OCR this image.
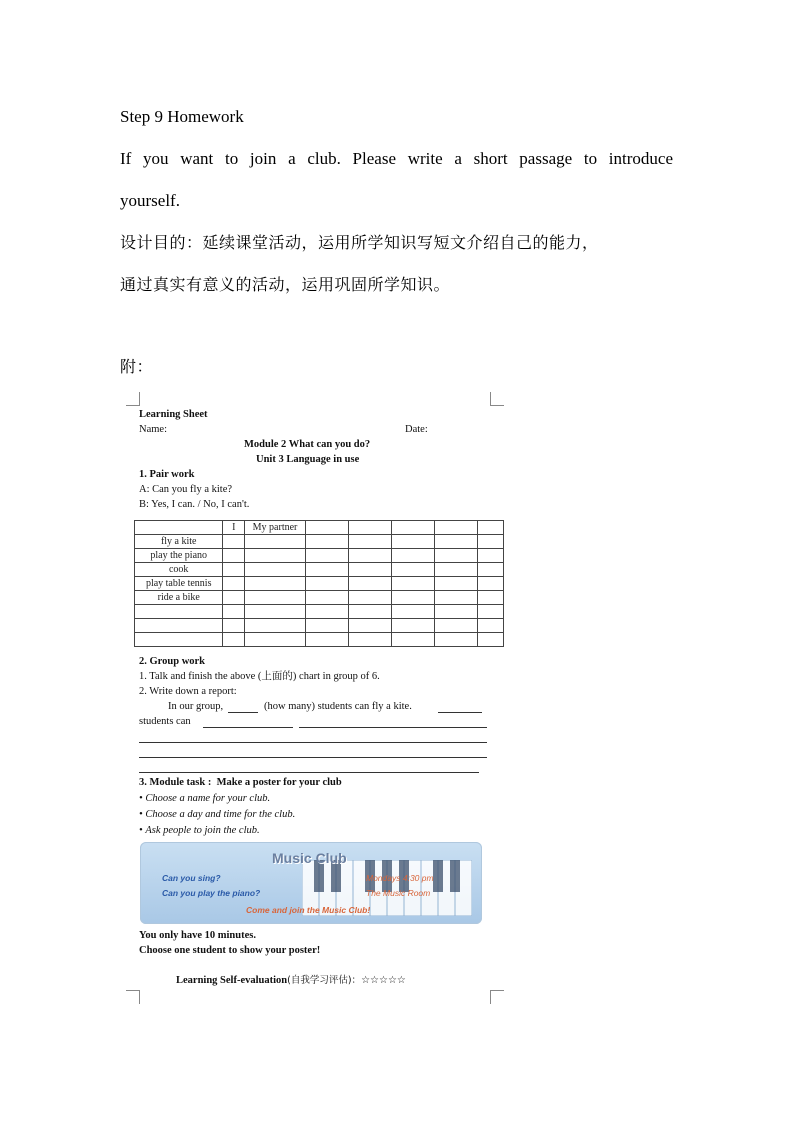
Step 9 Homework
If you want to join a club. Please write a short passage to introduce
yourself.
设计目的：延续课堂活动，运用所学知识写短文介绍自己的能力，
通过真实有意义的活动，运用巩固所学知识。
附：
Learning Sheet
Name:	Date:
Module 2 What can you do?
Unit 3 Language in use
1. Pair work
A: Can you fly a kite?
B: Yes, I can. / No, I can't.
	I	My partner					
fly a kite							
play the piano							
cook							
play table tennis							
ride a bike							

2. Group work
1. Talk and finish the above (上面的) chart in group of 6.
2. Write down a report:
In our group,	(how many) students can fly a kite.
students can
3. Module task :  Make a poster for your club
• Choose a name for your club.
• Choose a day and time for the club.
• Ask people to join the club.
Music Club
Can you sing?
Can you play the piano?
Mondays 4:30 pm
The Music Room
Come and join the Music Club!
You only have 10 minutes.
Choose one student to show your poster!
Learning Self-evaluation(自我学习评估)：☆☆☆☆☆
